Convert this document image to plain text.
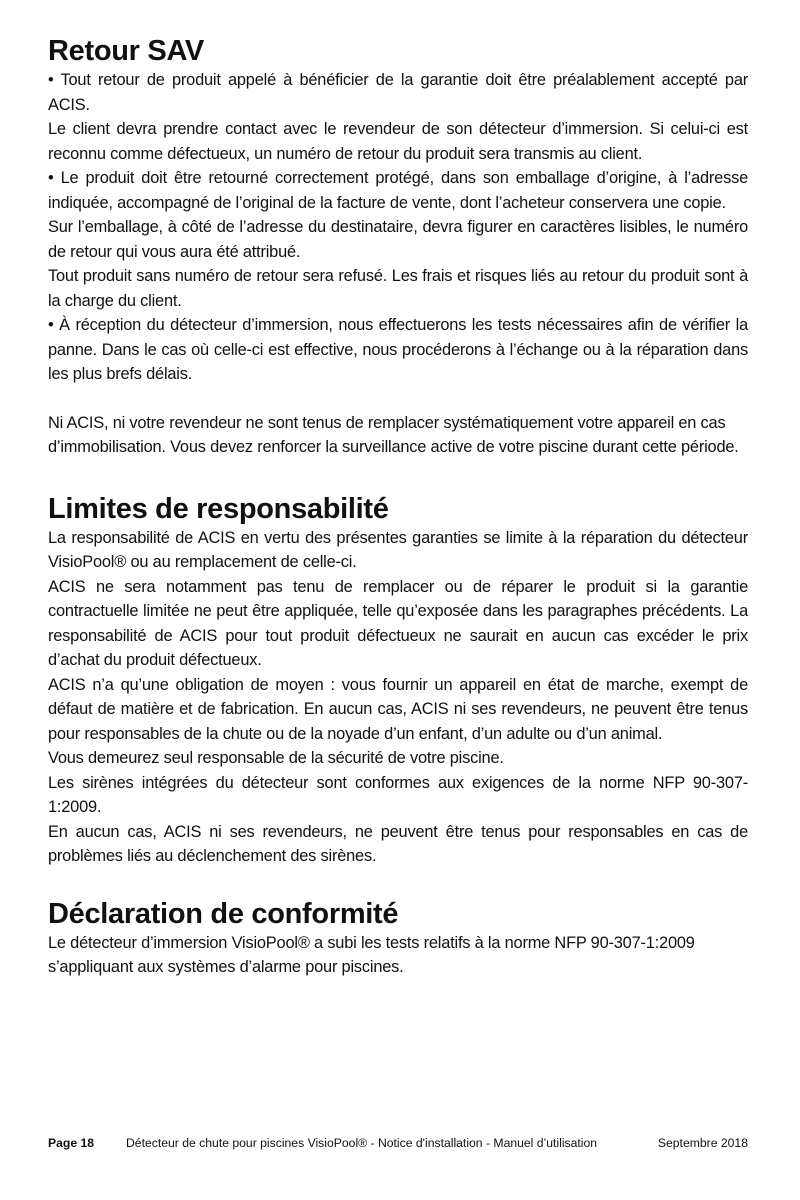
Retour SAV

• Tout retour de produit appelé à bénéficier de la garantie doit être préalablement accepté par ACIS.

Le client devra prendre contact avec le revendeur de son détecteur d’immersion. Si celui-ci est reconnu comme défectueux, un numéro de retour du produit sera transmis au client.

• Le produit doit être retourné correctement protégé, dans son emballage d’origine, à l’adresse indiquée, accompagné de l’original de la facture de vente, dont l’acheteur conservera une copie.

Sur l’emballage, à côté de l’adresse du destinataire, devra figurer en caractères lisibles, le numéro de retour qui vous aura été attribué.

Tout produit sans numéro de retour sera refusé. Les frais et risques liés au retour du produit sont à la charge du client.

• À réception du détecteur d’immersion, nous effectuerons les tests nécessaires afin de vérifier la panne. Dans le cas où celle-ci est effective, nous procéderons à l’échange ou à la réparation dans les plus brefs délais.

Ni ACIS, ni votre revendeur ne sont tenus de remplacer systématiquement votre appareil en cas d’immobilisation. Vous devez renforcer la surveillance active de votre piscine durant cette période.

Limites de responsabilité

La responsabilité de ACIS en vertu des présentes garanties se limite à la réparation du détecteur VisioPool® ou au remplacement de celle-ci.

ACIS ne sera notamment pas tenu de remplacer ou de réparer le produit si la garantie contractuelle limitée ne peut être appliquée, telle qu’exposée dans les paragraphes précédents. La responsabilité de ACIS pour tout produit défectueux ne saurait en aucun cas excéder le prix d’achat du produit défectueux.

ACIS n’a qu’une obligation de moyen : vous fournir un appareil en état de marche, exempt de défaut de matière et de fabrication. En aucun cas, ACIS ni ses revendeurs, ne peuvent être tenus pour responsables de la chute ou de la noyade d’un enfant, d’un adulte ou d’un animal.

Vous demeurez seul responsable de la sécurité de votre piscine.

Les sirènes intégrées du détecteur sont conformes aux exigences de la norme NFP 90-307-1:2009.

En aucun cas, ACIS ni ses revendeurs, ne peuvent être tenus pour responsables en cas de problèmes liés au déclenchement des sirènes.

Déclaration de conformité

Le détecteur d’immersion VisioPool® a subi les tests relatifs à la norme NFP 90-307-1:2009 s’appliquant aux systèmes d’alarme pour piscines.

Page 18	Détecteur de chute pour piscines VisioPool® - Notice d'installation - Manuel d’utilisation	Septembre 2018
